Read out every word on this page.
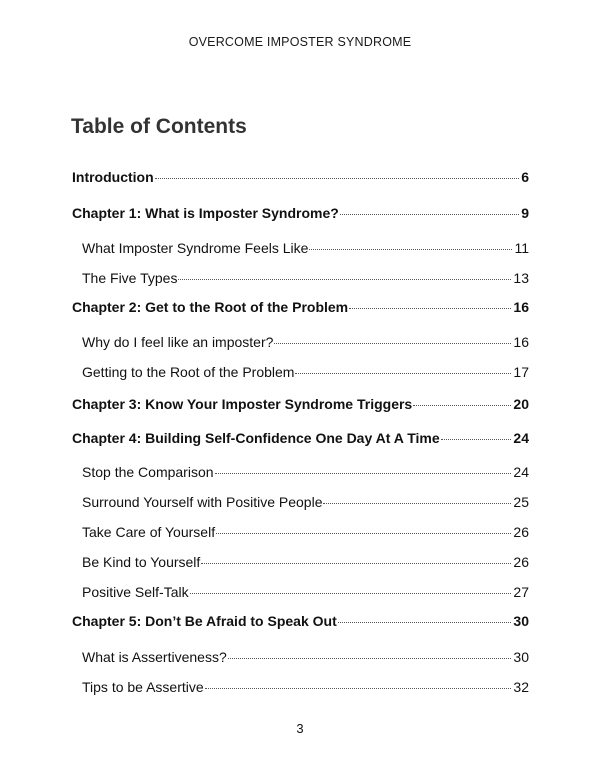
OVERCOME IMPOSTER SYNDROME
Table of Contents
Introduction	6
Chapter 1: What is Imposter Syndrome?	9
What Imposter Syndrome Feels Like	11
The Five Types	13
Chapter 2: Get to the Root of the Problem	16
Why do I feel like an imposter?	16
Getting to the Root of the Problem	17
Chapter 3: Know Your Imposter Syndrome Triggers	20
Chapter 4: Building Self-Confidence One Day At A Time	24
Stop the Comparison	24
Surround Yourself with Positive People	25
Take Care of Yourself	26
Be Kind to Yourself	26
Positive Self-Talk	27
Chapter 5: Don’t Be Afraid to Speak Out	30
What is Assertiveness?	30
Tips to be Assertive	32
3
